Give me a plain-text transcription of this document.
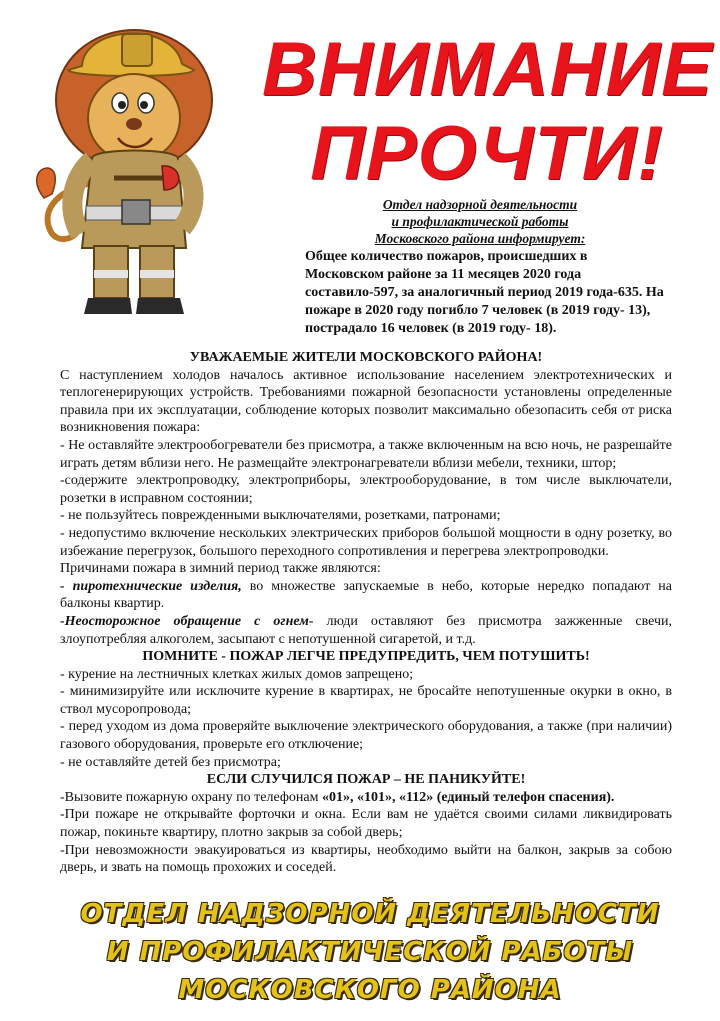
ВНИМАНИЕ
ПРОЧТИ!
Отдел надзорной деятельности
и профилактической работы
Московского района информирует:
Общее количество пожаров, происшедших в Московском районе за 11 месяцев 2020 года составило-597, за аналогичный период 2019 года-635. На пожаре в 2020 году погибло 7 человек (в 2019 году- 13), пострадало 16 человек (в 2019 году- 18).

УВАЖАЕМЫЕ ЖИТЕЛИ МОСКОВСКОГО РАЙОНА!

С наступлением холодов началось активное использование населением электротехнических и теплогенерирующих устройств. Требованиями пожарной безопасности установлены определенные правила при их эксплуатации, соблюдение которых позволит максимально обезопасить себя от риска возникновения пожара:

- Не оставляйте электрообогреватели без присмотра, а также включенным на всю ночь, не разрешайте играть детям вблизи него. Не размещайте электронагреватели вблизи мебели, техники, штор;

-содержите электропроводку, электроприборы, электрооборудование, в том числе выключатели, розетки в исправном состоянии;

- не пользуйтесь поврежденными выключателями, розетками, патронами;

- недопустимо включение нескольких электрических приборов большой мощности в одну розетку, во избежание перегрузок, большого переходного сопротивления и перегрева электропроводки.

Причинами пожара в зимний период также являются:

- пиротехнические изделия, во множестве запускаемые в небо, которые нередко попадают на балконы квартир.

-Неосторожное обращение с огнем- люди оставляют без присмотра зажженные свечи, злоупотребляя алкоголем, засыпают с непотушенной сигаретой, и т.д.

ПОМНИТЕ - ПОЖАР ЛЕГЧЕ ПРЕДУПРЕДИТЬ, ЧЕМ ПОТУШИТЬ!

- курение на лестничных клетках жилых домов запрещено;

- минимизируйте или исключите курение в квартирах, не бросайте непотушенные окурки в окно, в ствол мусоропровода;

- перед уходом из дома проверяйте выключение электрического оборудования, а также (при наличии) газового оборудования, проверьте его отключение;

- не оставляйте детей без присмотра;

ЕСЛИ СЛУЧИЛСЯ ПОЖАР – НЕ ПАНИКУЙТЕ!

-Вызовите пожарную охрану по телефонам «01», «101», «112» (единый телефон спасения).

-При пожаре не открывайте форточки и окна. Если вам не удаётся своими силами ликвидировать пожар, покиньте квартиру, плотно закрыв за собой дверь;

-При невозможности эвакуироваться из квартиры, необходимо выйти на балкон, закрыв за собою дверь, и звать на помощь прохожих и соседей.

ОТДЕЛ НАДЗОРНОЙ ДЕЯТЕЛЬНОСТИ
И ПРОФИЛАКТИЧЕСКОЙ РАБОТЫ
МОСКОВСКОГО РАЙОНА
